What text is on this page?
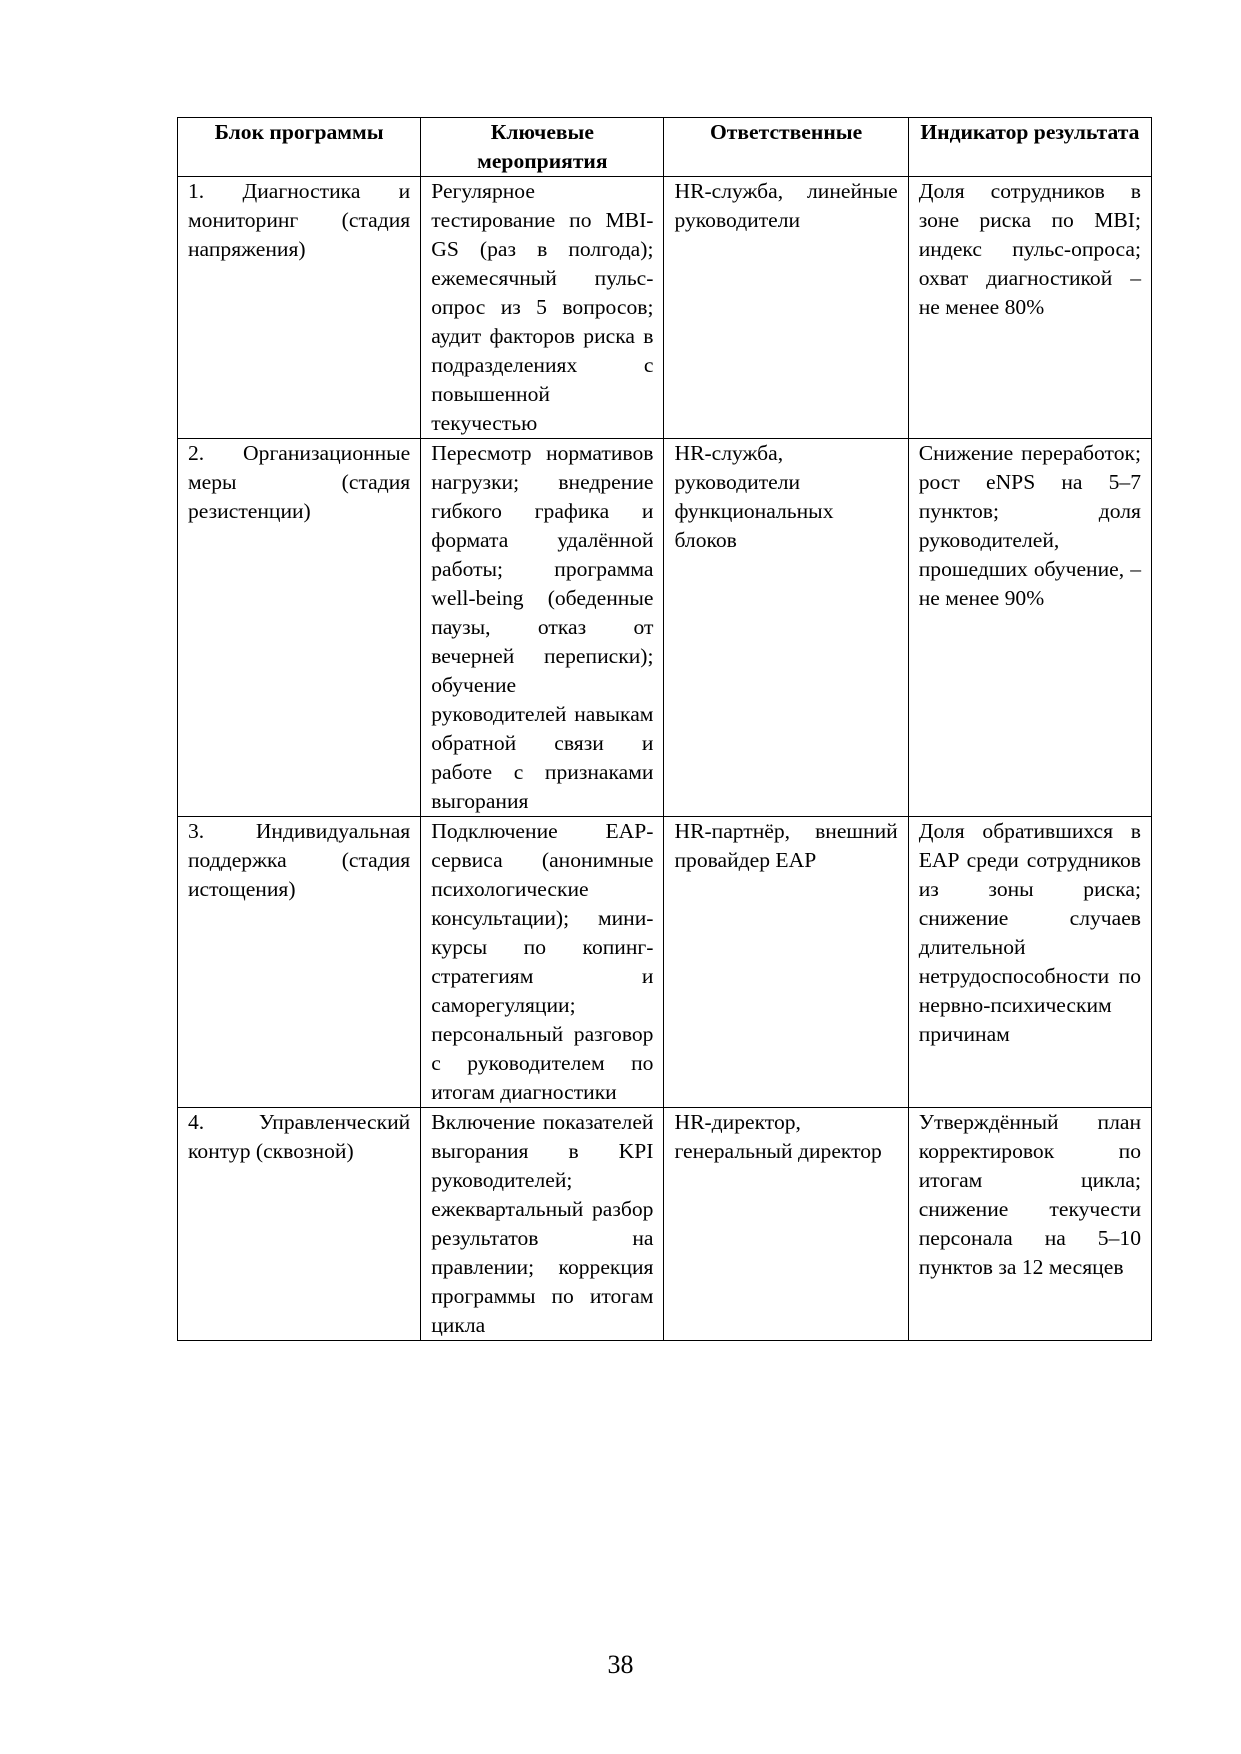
Блок программы	Ключевые мероприятия	Ответственные	Индикатор результата
1. Диагностика и мониторинг (стадия напряжения)	Регулярное тестирование по MBI-GS (раз в полгода); ежемесячный пульс-опрос из 5 вопросов; аудит факторов риска в подразделениях с повышенной текучестью	HR-служба, линейные руководители	Доля сотрудников в зоне риска по MBI; индекс пульс-опроса; охват диагностикой – не менее 80%
2. Организационные меры (стадия резистенции)	Пересмотр нормативов нагрузки; внедрение гибкого графика и формата удалённой работы; программа well-being (обеденные паузы, отказ от вечерней переписки); обучение руководителей навыкам обратной связи и работе с признаками выгорания	HR-служба, руководители функциональных блоков	Снижение переработок; рост eNPS на 5–7 пунктов; доля руководителей, прошедших обучение, – не менее 90%
3. Индивидуальная поддержка (стадия истощения)	Подключение EAP-сервиса (анонимные психологические консультации); мини-курсы по копинг-стратегиям и саморегуляции; персональный разговор с руководителем по итогам диагностики	HR-партнёр, внешний провайдер EAP	Доля обратившихся в EAP среди сотрудников из зоны риска; снижение случаев длительной нетрудоспособности по нервно-психическим причинам
4. Управленческий контур (сквозной)	Включение показателей выгорания в KPI руководителей; ежеквартальный разбор результатов на правлении; коррекция программы по итогам цикла	HR-директор, генеральный директор	Утверждённый план корректировок по итогам цикла; снижение текучести персонала на 5–10 пунктов за 12 месяцев
38
